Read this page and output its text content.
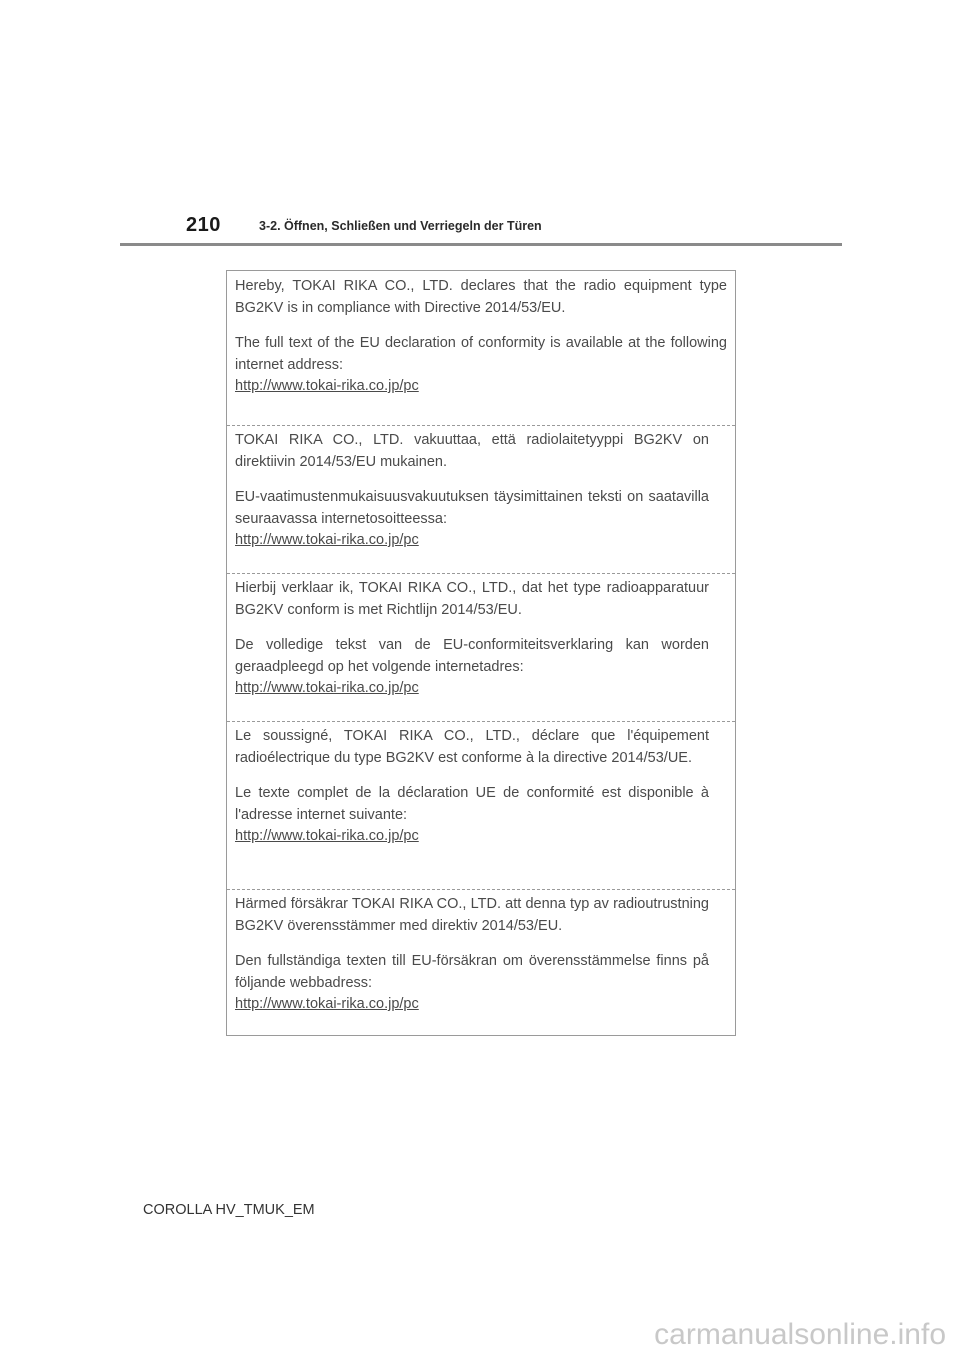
210	3-2. Öffnen, Schließen und Verriegeln der Türen

Hereby, TOKAI RIKA CO., LTD. declares that the radio equipment type BG2KV is in compliance with Directive 2014/53/EU.

The full text of the EU declaration of conformity is available at the following internet address:

http://www.tokai-rika.co.jp/pc

TOKAI RIKA CO., LTD. vakuuttaa, että radiolaitetyyppi BG2KV on direktiivin 2014/53/EU mukainen.

EU-vaatimustenmukaisuusvakuutuksen täysimittainen teksti on saatavilla seuraavassa internetosoitteessa:

http://www.tokai-rika.co.jp/pc

Hierbij verklaar ik, TOKAI RIKA CO., LTD., dat het type radioapparatuur BG2KV conform is met Richtlijn 2014/53/EU.

De volledige tekst van de EU-conformiteitsverklaring kan worden geraadpleegd op het volgende internetadres:

http://www.tokai-rika.co.jp/pc

Le soussigné, TOKAI RIKA CO., LTD., déclare que l'équipement radioélectrique du type BG2KV est conforme à la directive 2014/53/UE.

Le texte complet de la déclaration UE de conformité est disponible à l'adresse internet suivante:

http://www.tokai-rika.co.jp/pc

Härmed försäkrar TOKAI RIKA CO., LTD. att denna typ av radioutrustning BG2KV överensstämmer med direktiv 2014/53/EU.

Den fullständiga texten till EU-försäkran om överensstämmelse finns på följande webbadress:

http://www.tokai-rika.co.jp/pc
COROLLA HV_TMUK_EM
carmanualsonline.info
